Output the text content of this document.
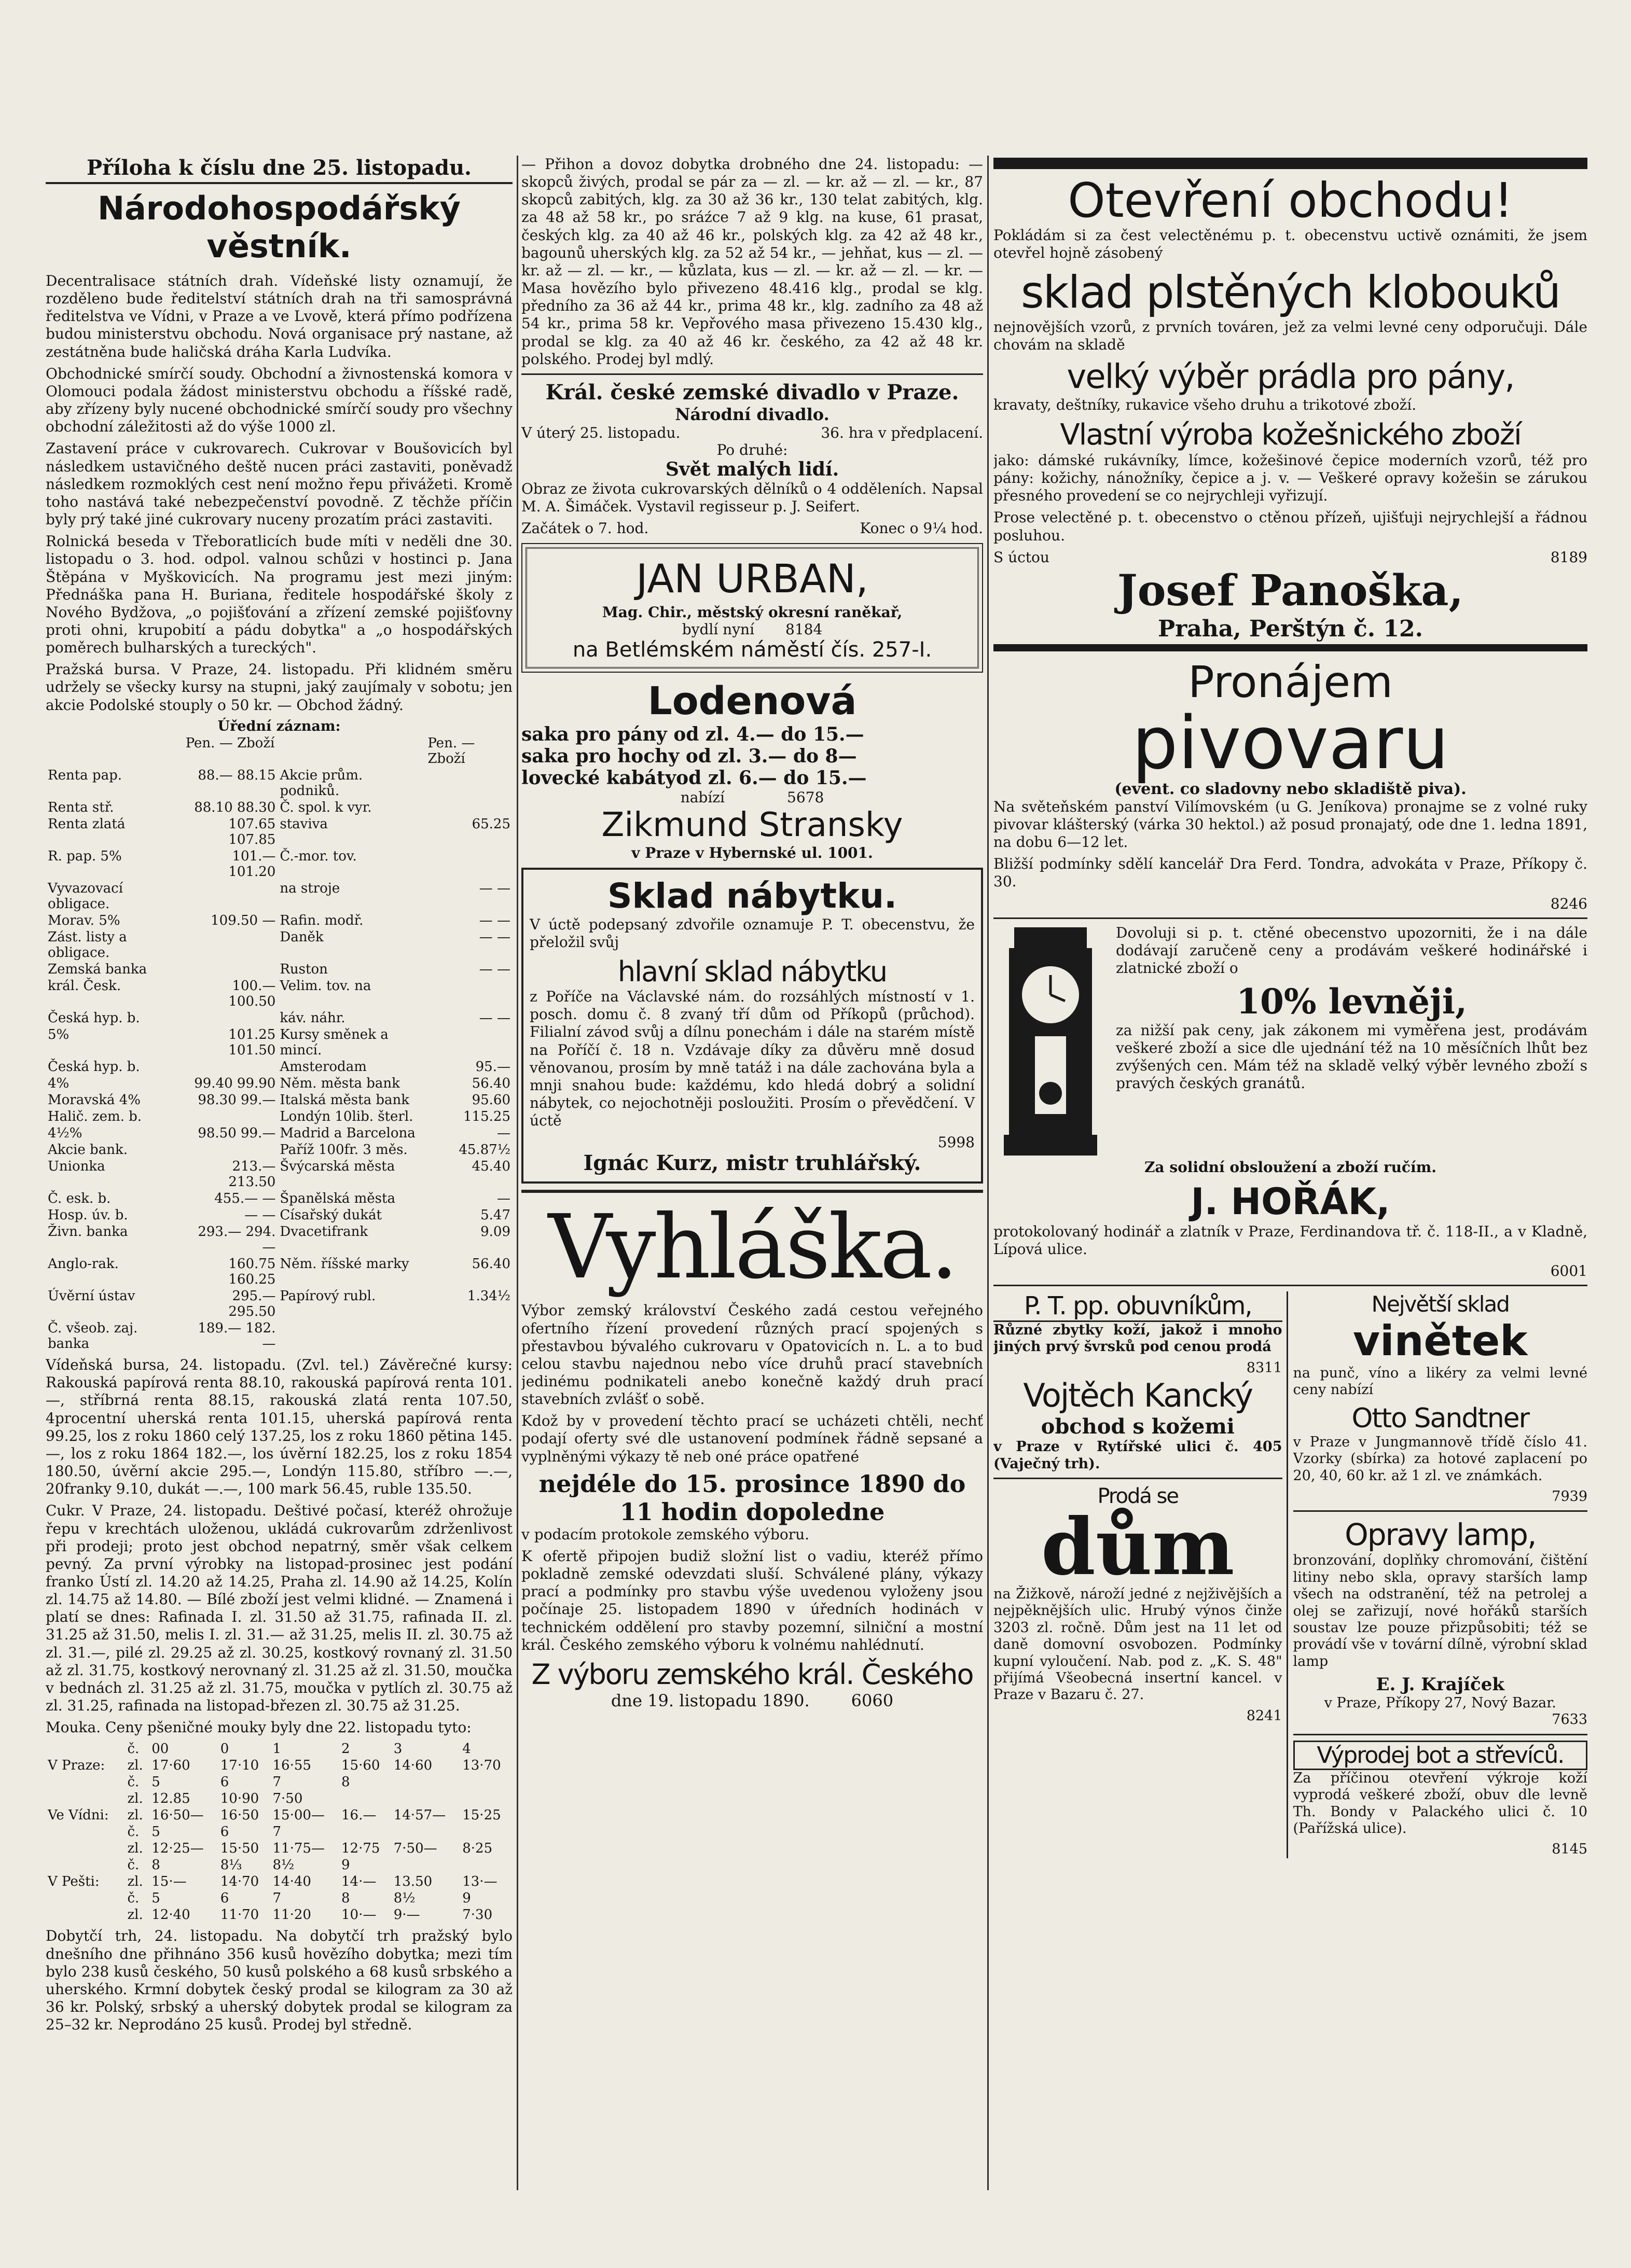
Příloha k číslu dne 25. listopadu.
Národohospodářský věstník.

Decentralisace státních drah. Vídeňské listy oznamují, že rozděleno bude ředitelství státních drah na tři samosprávná ředitelstva ve Vídni, v Praze a ve Lvově, která přímo podřízena budou ministerstvu obchodu. Nová organisace prý nastane, až zestátněna bude haličská dráha Karla Ludvíka.

Obchodnické smírčí soudy. Obchodní a živnostenská komora v Olomouci podala žádost ministerstvu obchodu a říšské radě, aby zřízeny byly nucené obchodnické smírčí soudy pro všechny obchodní záležitosti až do výše 1000 zl.

Zastavení práce v cukrovarech. Cukrovar v Boušovicích byl následkem ustavičného deště nucen práci zastaviti, poněvadž následkem rozmoklých cest není možno řepu přivážeti. Kromě toho nastává také nebezpečenství povodně. Z těchže příčin byly prý také jiné cukrovary nuceny prozatím práci zastaviti.

Rolnická beseda v Třeboratlicích bude míti v neděli dne 30. listopadu o 3. hod. odpol. valnou schůzi v hostinci p. Jana Štěpána v Myškovicích. Na programu jest mezi jiným: Přednáška pana H. Buriana, ředitele hospodářské školy z Nového Bydžova, „o pojišťování a zřízení zemské pojišťovny proti ohni, krupobití a pádu dobytka" a „o hospodářských poměrech bulharských a tureckých".

Pražská bursa. V Praze, 24. listopadu. Při klidném směru udržely se všecky kursy na stupni, jaký zaujímaly v sobotu; jen akcie Podolské stouply o 50 kr. — Obchod žádný.

Úřední záznam:
	Pen. — Zboží		Pen. — Zboží
Renta pap.	88.— 88.15	Akcie prům. podniků.	
Renta stř.	88.10 88.30	Č. spol. k vyr.	
Renta zlatá	107.65 107.85	staviva	65.25
R. pap. 5%	101.— 101.20	Č.-mor. tov.	
Vyvazovací obligace.		na stroje	— —
Morav. 5%	109.50 —	Rafin. modř.	— —
Zást. listy a obligace.		Daněk	— —
Zemská banka		Ruston	— —
král. Česk.	100.— 100.50	Velim. tov. na	
Česká hyp. b.		káv. náhr.	— —
5%	101.25 101.50	Kursy směnek a mincí.	
Česká hyp. b.		Amsterodam	95.—
4%	99.40 99.90	Něm. města bank	56.40
Moravská 4%	98.30 99.—	Italská města bank	95.60
Halič. zem. b.		Londýn 10lib. šterl.	115.25
4½%	98.50 99.—	Madrid a Barcelona	—
Akcie bank.		Paříž 100fr. 3 měs.	45.87½
Unionka	213.— 213.50	Švýcarská města	45.40
Č. esk. b.	455.— —	Španělská města	—
Hosp. úv. b.	— —	Císařský dukát	5.47
Živn. banka	293.— 294.—	Dvacetifrank	9.09
Anglo-rak.	160.75 160.25	Něm. říšské marky	56.40
Úvěrní ústav	295.— 295.50	Papírový rubl.	1.34½
Č. všeob. zaj. banka	189.— 182.—		

Vídeňská bursa, 24. listopadu. (Zvl. tel.) Závěrečné kursy: Rakouská papírová renta 88.10, rakouská papírová renta 101.—, stříbrná renta 88.15, rakouská zlatá renta 107.50, 4procentní uherská renta 101.15, uherská papírová renta 99.25, los z roku 1860 celý 137.25, los z roku 1860 pětina 145.—, los z roku 1864 182.—, los úvěrní 182.25, los z roku 1854 180.50, úvěrní akcie 295.—, Londýn 115.80, stříbro —.—, 20franky 9.10, dukát —.—, 100 mark 56.45, ruble 135.50.

Cukr. V Praze, 24. listopadu. Deštivé počasí, kteréž ohrožuje řepu v krechtách uloženou, ukládá cukrovarům zdrženlivost při prodeji; proto jest obchod nepatrný, směr však celkem pevný. Za první výrobky na listopad-prosinec jest podání franko Ústí zl. 14.20 až 14.25, Praha zl. 14.90 až 14.25, Kolín zl. 14.75 až 14.80. — Bílé zboží jest velmi klidné. — Znamená i platí se dnes: Rafinada I. zl. 31.50 až 31.75, rafinada II. zl. 31.25 až 31.50, melis I. zl. 31.— až 31.25, melis II. zl. 30.75 až zl. 31.—, pilé zl. 29.25 až zl. 30.25, kostkový rovnaný zl. 31.50 až zl. 31.75, kostkový nerovnaný zl. 31.25 až zl. 31.50, moučka v bednách zl. 31.25 až zl. 31.75, moučka v pytlích zl. 30.75 až zl. 31.25, rafinada na listopad-březen zl. 30.75 až 31.25.

Mouka. Ceny pšeničné mouky byly dne 22. listopadu tyto:

	č.	00	0	1	2	3	4
V Praze:	zl.	17·60	17·10	16·55	15·60	14·60	13·70
	č.	5	6	7	8		
	zl.	12.85	10·90	7·50			
Ve Vídni:	zl.	16·50—	16·50	15·00—	16.—	14·57—	15·25
	č.	5	6	7			
	zl.	12·25—	15·50	11·75—	12·75	7·50—	8·25
	č.	8	8⅓	8½	9		
V Pešti:	zl.	15·—	14·70	14·40	14·—	13.50	13·—
	č.	5	6	7	8	8½	9
	zl.	12·40	11·70	11·20	10·—	9·—	7·30

Dobytčí trh, 24. listopadu. Na dobytčí trh pražský bylo dnešního dne přihnáno 356 kusů hovězího dobytka; mezi tím bylo 238 kusů českého, 50 kusů polského a 68 kusů srbského a uherského. Krmní dobytek český prodal se kilogram za 30 až 36 kr. Polský, srbský a uherský dobytek prodal se kilogram za 25–32 kr. Neprodáno 25 kusů. Prodej byl středně.

— Přihon a dovoz dobytka drobného dne 24. listopadu: — skopců živých, prodal se pár za — zl. — kr. až — zl. — kr., 87 skopců zabitých, klg. za 30 až 36 kr., 130 telat zabitých, klg. za 48 až 58 kr., po sráźce 7 až 9 klg. na kuse, 61 prasat, českých klg. za 40 až 46 kr., polských klg. za 42 až 48 kr., bagounů uherských klg. za 52 až 54 kr., — jehňat, kus — zl. — kr. až — zl. — kr., — kůzlata, kus — zl. — kr. až — zl. — kr. — Masa hovězího bylo přivezeno 48.416 klg., prodal se klg. předního za 36 až 44 kr., prima 48 kr., klg. zadního za 48 až 54 kr., prima 58 kr. Vepřového masa přivezeno 15.430 klg., prodal se klg. za 40 až 46 kr. českého, za 42 až 48 kr. polského. Prodej byl mdlý.

Král. české zemské divadlo v Praze.
Národní divadlo.
V úterý 25. listopadu.	36. hra v předplacení.
Po druhé:
Svět malých lidí.

Obraz ze života cukrovarských dělníků o 4 odděleních. Napsal M. A. Šimáček. Vystavil regisseur p. J. Seifert.

Začátek o 7. hod.	Konec o 9¼ hod.
JAN URBAN,
Mag. Chir., městský okresní raněkař,
bydlí nyní 8184
na Betlémském náměstí čís. 257-I.
Lodenová
saka pro pány od zl. 4.— do 15.—
saka pro hochy od zl. 3.— do 8—
lovecké kabátyod zl. 6.— do 15.—
nabízí	5678
Zikmund Stransky
v Praze v Hybernské ul. 1001.
Sklad nábytku.

V úctě podepsaný zdvořile oznamuje P. T. obecenstvu, že přeložil svůj

hlavní sklad nábytku

z Poříče na Václavské nám. do rozsáhlých místností v 1. posch. domu č. 8 zvaný tří dům od Příkopů (průchod). Filialní závod svůj a dílnu ponechám i dále na starém místě na Poříčí č. 18 n. Vzdávaje díky za důvěru mně dosud věnovanou, prosím by mně tatáž i na dále zachována byla a mnji snahou bude: každému, kdo hledá dobrý a solidní nábytek, co nejochotněji posloužiti. Prosím o převědčení. V úctě

5998
Ignác Kurz, mistr truhlářský.
Vyhláška.

Výbor zemský království Českého zadá cestou veřejného ofertního řízení provedení různých prací spojených s přestavbou bývalého cukrovaru v Opatovicích n. L. a to bud celou stavbu najednou nebo více druhů prací stavebních jedinému podnikateli anebo konečně každý druh prací stavebních zvlášť o sobě.

Kdož by v provedení těchto prací se ucházeti chtěli, nechť podají oferty své dle ustanovení podmínek řádně sepsané a vyplněnými výkazy tě neb oné práce opatřené

nejdéle do 15. prosince 1890 do
11 hodin dopoledne

v podacím protokole zemského výboru.

K ofertě připojen budiž složní list o vadiu, kteréž přímo pokladně zemské odevzdati sluší. Schválené plány, výkazy prací a podmínky pro stavbu výše uvedenou vyloženy jsou počínaje 25. listopadem 1890 v úředních hodinách v technickém oddělení pro stavby pozemní, silniční a mostní král. Českého zemského výboru k volnému nahlédnutí.

Z výboru zemského král. Českého
dne 19. listopadu 1890.	6060
Otevření obchodu!

Pokládám si za čest velectěnému p. t. obecenstvu uctivě oznámiti, že jsem otevřel hojně zásobený

sklad plstěných klobouků

nejnovějších vzorů, z prvních továren, jež za velmi levné ceny odporučuji. Dále chovám na skladě

velký výběr prádla pro pány,

kravaty, deštníky, rukavice všeho druhu a trikotové zboží.

Vlastní výroba kožešnického zboží

jako: dámské rukávníky, límce, kožešinové čepice moderních vzorů, též pro pány: kožichy, nánožníky, čepice a j. v. — Veškeré opravy kožešin se zárukou přesného provedení se co nejrychleji vyřizují.

Prose velectěné p. t. obecenstvo o ctěnou přízeň, ujišťuji nejrychlejší a řádnou posluhou.

S úctou	8189
Josef Panoška,
Praha, Perštýn č. 12.
Pronájem
pivovaru
(event. co sladovny nebo skladiště piva).

Na světeňském panství Vilímovském (u G. Jeníkova) pronajme se z volné ruky pivovar klášterský (várka 30 hektol.) až posud pronajatý, ode dne 1. ledna 1891, na dobu 6—12 let.

Bližší podmínky sdělí kancelář Dra Ferd. Tondra, advokáta v Praze, Příkopy č. 30.

8246

Dovoluji si p. t. ctěné obecenstvo upozorniti, že i na dále dodávají zaručeně ceny a prodávám veškeré hodinářské i zlatnické zboží o

10% levněji,

za nižší pak ceny, jak zákonem mi vyměřena jest, prodávám veškeré zboží a sice dle ujednání též na 10 měsíčních lhůt bez zvýšených cen. Mám též na skladě velký výběr levného zboží s pravých českých granátů.

Za solidní obsloužení a zboží ručím.

J. HOŘÁK,

protokolovaný hodinář a zlatník v Praze, Ferdinandova tř. č. 118-II., a v Kladně, Lípová ulice.

6001
P. T. pp. obuvníkům,

Různé zbytky koží, jakož i mnoho jiných prvý švrsků pod cenou prodá

8311
Vojtěch Kancký
obchod s kožemi

v Praze v Rytířské ulici č. 405 (Vaječný trh).

Prodá se
dům

na Žižkově, nároží jedné z nejživějších a nejpěknějších ulic. Hrubý výnos činže 3203 zl. ročně. Dům jest na 11 let od daně domovní osvobozen. Podmínky kupní vyloučení. Nab. pod z. „K. S. 48" přijímá Všeobecná insertní kancel. v Praze v Bazaru č. 27.

8241
Největší sklad
vinětek

na punč, víno a likéry za velmi levné ceny nabízí

Otto Sandtner

v Praze v Jungmannově třídě číslo 41. Vzorky (sbírka) za hotové zaplacení po 20, 40, 60 kr. až 1 zl. ve známkách.

7939
Opravy lamp,

bronzování, doplňky chromování, čištění litiny nebo skla, opravy starších lamp všech na odstranění, též na petrolej a olej se zařizují, nové hořáků starších soustav lze pouze přizpůsobiti; též se provádí vše v tovární dílně, výrobní sklad lamp

E. J. Krajíček
v Praze, Příkopy 27, Nový Bazar.
7633
Výprodej bot a střevíců.

Za příčinou otevření výkroje koží vyprodá veškeré zboží, obuv dle levně Th. Bondy v Palackého ulici č. 10 (Pařížská ulice).

8145
